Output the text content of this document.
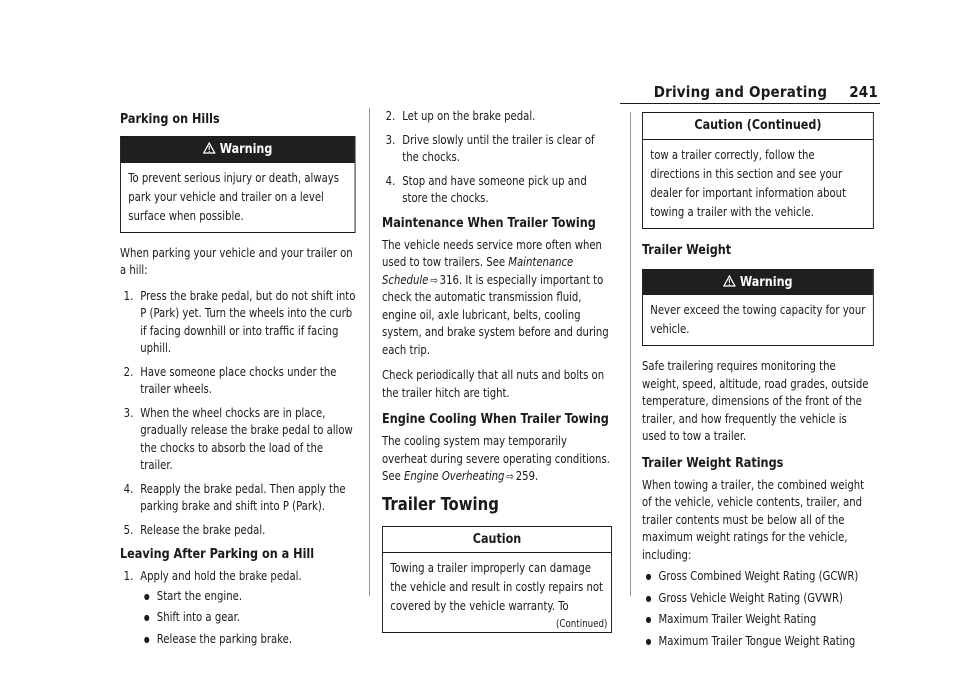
Driving and Operating 241
Parking on Hills
Warning
To prevent serious injury or death, always park your vehicle and trailer on a level surface when possible.

When parking your vehicle and your trailer on a hill:

1. Press the brake pedal, but do not shift into P (Park) yet. Turn the wheels into the curb if facing downhill or into traffic if facing uphill.
2. Have someone place chocks under the trailer wheels.
3. When the wheel chocks are in place, gradually release the brake pedal to allow the chocks to absorb the load of the trailer.
4. Reapply the brake pedal. Then apply the parking brake and shift into P (Park).
5. Release the brake pedal.
Leaving After Parking on a Hill
1. Apply and hold the brake pedal.
● Start the engine.
● Shift into a gear.
● Release the parking brake.
2. Let up on the brake pedal.
3. Drive slowly until the trailer is clear of the chocks.
4. Stop and have someone pick up and store the chocks.
Maintenance When Trailer Towing

The vehicle needs service more often when used to tow trailers. See Maintenance Schedule ⇨ 316. It is especially important to check the automatic transmission fluid, engine oil, axle lubricant, belts, cooling system, and brake system before and during each trip.

Check periodically that all nuts and bolts on the trailer hitch are tight.

Engine Cooling When Trailer Towing

The cooling system may temporarily overheat during severe operating conditions. See Engine Overheating ⇨ 259.

Trailer Towing
Caution
Towing a trailer improperly can damage the vehicle and result in costly repairs not covered by the vehicle warranty. To
(Continued)
Caution (Continued)
tow a trailer correctly, follow the directions in this section and see your dealer for important information about towing a trailer with the vehicle.
Trailer Weight
Warning
Never exceed the towing capacity for your vehicle.

Safe trailering requires monitoring the weight, speed, altitude, road grades, outside temperature, dimensions of the front of the trailer, and how frequently the vehicle is used to tow a trailer.

Trailer Weight Ratings

When towing a trailer, the combined weight of the vehicle, vehicle contents, trailer, and trailer contents must be below all of the maximum weight ratings for the vehicle, including:

● Gross Combined Weight Rating (GCWR)
● Gross Vehicle Weight Rating (GVWR)
● Maximum Trailer Weight Rating
● Maximum Trailer Tongue Weight Rating
